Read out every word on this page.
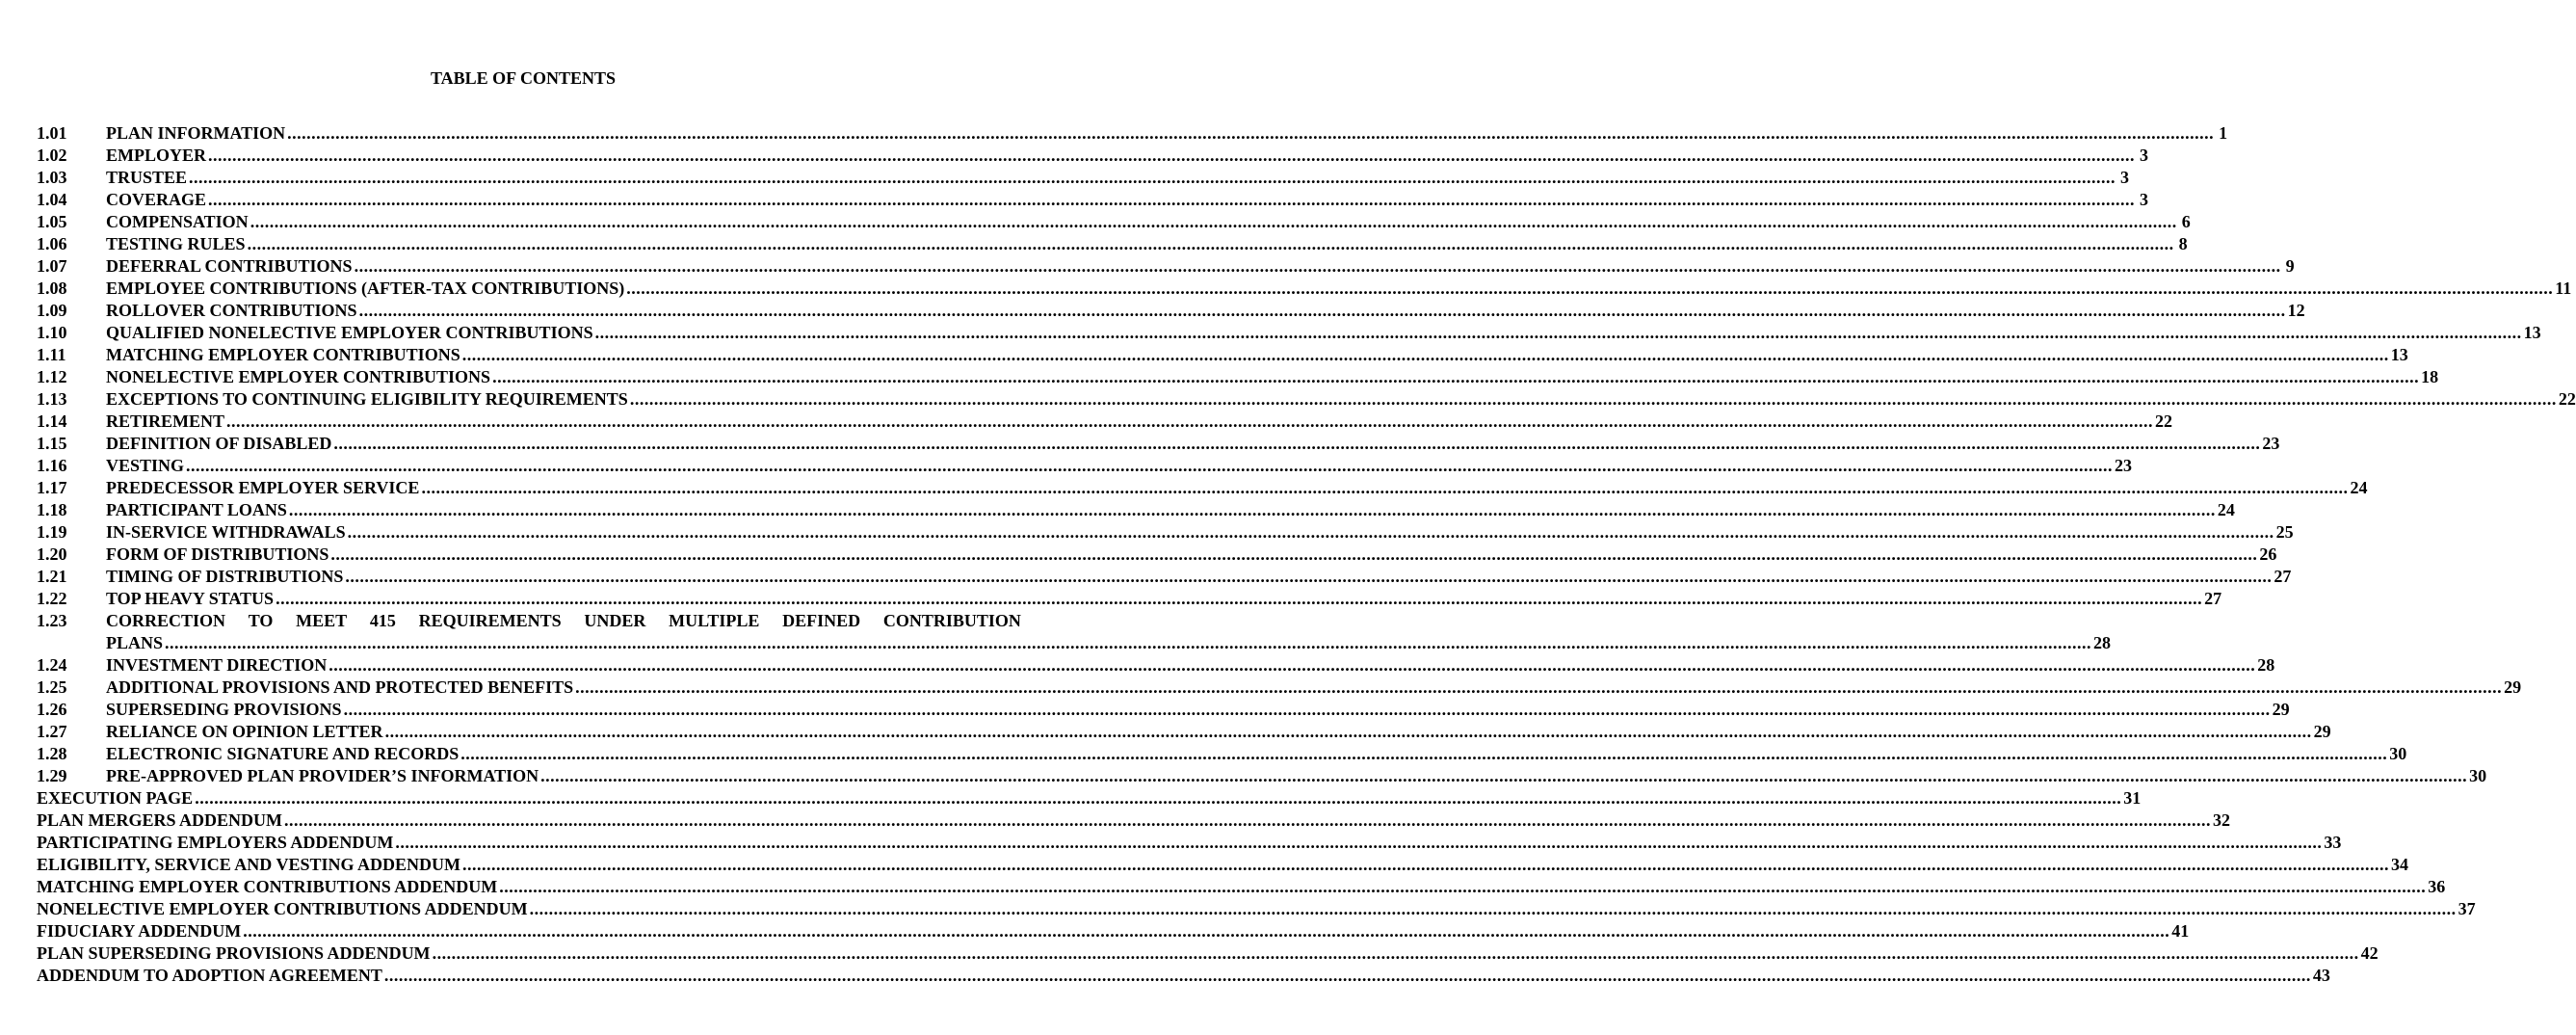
TABLE OF CONTENTS
1.01	PLAN INFORMATION ................................................................................................................................................................................................................................................................................................................................................................................................................ 1
1.02	EMPLOYER ................................................................................................................................................................................................................................................................................................................................................................................................................ 3
1.03	TRUSTEE ................................................................................................................................................................................................................................................................................................................................................................................................................ 3
1.04	COVERAGE ................................................................................................................................................................................................................................................................................................................................................................................................................ 3
1.05	COMPENSATION ................................................................................................................................................................................................................................................................................................................................................................................................................ 6
1.06	TESTING RULES ................................................................................................................................................................................................................................................................................................................................................................................................................ 8
1.07	DEFERRAL CONTRIBUTIONS ................................................................................................................................................................................................................................................................................................................................................................................................................ 9
1.08	EMPLOYEE CONTRIBUTIONS (AFTER-TAX CONTRIBUTIONS) ................................................................................................................................................................................................................................................................................................................................................................................................................ 11
1.09	ROLLOVER CONTRIBUTIONS ................................................................................................................................................................................................................................................................................................................................................................................................................ 12
1.10	QUALIFIED NONELECTIVE EMPLOYER CONTRIBUTIONS ................................................................................................................................................................................................................................................................................................................................................................................................................ 13
1.11	MATCHING EMPLOYER CONTRIBUTIONS ................................................................................................................................................................................................................................................................................................................................................................................................................ 13
1.12	NONELECTIVE EMPLOYER CONTRIBUTIONS ................................................................................................................................................................................................................................................................................................................................................................................................................ 18
1.13	EXCEPTIONS TO CONTINUING ELIGIBILITY REQUIREMENTS ................................................................................................................................................................................................................................................................................................................................................................................................................ 22
1.14	RETIREMENT ................................................................................................................................................................................................................................................................................................................................................................................................................ 22
1.15	DEFINITION OF DISABLED ................................................................................................................................................................................................................................................................................................................................................................................................................ 23
1.16	VESTING ................................................................................................................................................................................................................................................................................................................................................................................................................ 23
1.17	PREDECESSOR EMPLOYER SERVICE ................................................................................................................................................................................................................................................................................................................................................................................................................ 24
1.18	PARTICIPANT LOANS ................................................................................................................................................................................................................................................................................................................................................................................................................ 24
1.19	IN-SERVICE WITHDRAWALS ................................................................................................................................................................................................................................................................................................................................................................................................................ 25
1.20	FORM OF DISTRIBUTIONS ................................................................................................................................................................................................................................................................................................................................................................................................................ 26
1.21	TIMING OF DISTRIBUTIONS ................................................................................................................................................................................................................................................................................................................................................................................................................ 27
1.22	TOP HEAVY STATUS ................................................................................................................................................................................................................................................................................................................................................................................................................ 27
1.23	CORRECTION TO MEET 415 REQUIREMENTS UNDER MULTIPLE DEFINED CONTRIBUTION
PLANS ................................................................................................................................................................................................................................................................................................................................................................................................................ 28
1.24	INVESTMENT DIRECTION ................................................................................................................................................................................................................................................................................................................................................................................................................ 28
1.25	ADDITIONAL PROVISIONS AND PROTECTED BENEFITS ................................................................................................................................................................................................................................................................................................................................................................................................................ 29
1.26	SUPERSEDING PROVISIONS ................................................................................................................................................................................................................................................................................................................................................................................................................ 29
1.27	RELIANCE ON OPINION LETTER ................................................................................................................................................................................................................................................................................................................................................................................................................ 29
1.28	ELECTRONIC SIGNATURE AND RECORDS ................................................................................................................................................................................................................................................................................................................................................................................................................ 30
1.29	PRE-APPROVED PLAN PROVIDER’S INFORMATION ................................................................................................................................................................................................................................................................................................................................................................................................................ 30
EXECUTION PAGE ................................................................................................................................................................................................................................................................................................................................................................................................................ 31
PLAN MERGERS ADDENDUM ................................................................................................................................................................................................................................................................................................................................................................................................................ 32
PARTICIPATING EMPLOYERS ADDENDUM ................................................................................................................................................................................................................................................................................................................................................................................................................ 33
ELIGIBILITY, SERVICE AND VESTING ADDENDUM ................................................................................................................................................................................................................................................................................................................................................................................................................ 34
MATCHING EMPLOYER CONTRIBUTIONS ADDENDUM ................................................................................................................................................................................................................................................................................................................................................................................................................ 36
NONELECTIVE EMPLOYER CONTRIBUTIONS ADDENDUM ................................................................................................................................................................................................................................................................................................................................................................................................................ 37
FIDUCIARY ADDENDUM ................................................................................................................................................................................................................................................................................................................................................................................................................ 41
PLAN SUPERSEDING PROVISIONS ADDENDUM ................................................................................................................................................................................................................................................................................................................................................................................................................ 42
ADDENDUM TO ADOPTION AGREEMENT ................................................................................................................................................................................................................................................................................................................................................................................................................ 43
